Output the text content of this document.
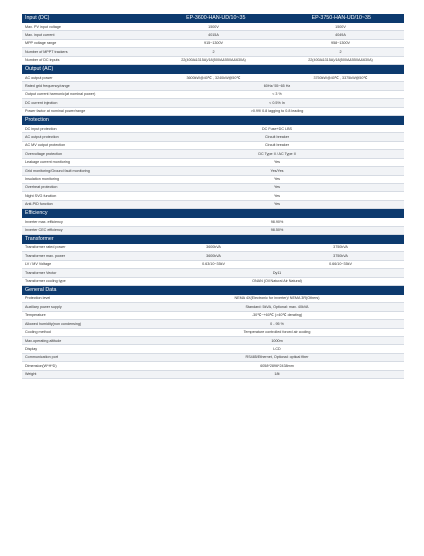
Input (DC)	EP-3600-HAN-UD/10~35	EP-3750-HAN-UD/10~35
Max. PV input voltage	1500V	1500V
Max. input current	4015A	4049A
MPP voltage range	915~1300V	958~1300V
Number of MPPT trackers	2	2
Number of DC inputs	22(400A&315A)/18(500A&550A&630A)	22(400A&315A)/18(500A&550A&630A)
Output (AC)
AC output power	3600kW@40℃ , 3240kW@50℃	3750kW@40℃ , 3375kW@50℃
Rated grid frequency/range	60Hz/ 55~65 Hz
Output current harmonic(at nominal power)	< 3 %
DC current injection	< 0.5% In
Power factor at nominal power/range	>0.99/ 0.8 lagging to 0.8 leading
Protection
DC input protection	DC Fuse+DC LBS
AC output protection	Circuit breaker
AC MV output protection	Circuit breaker
Overvoltage protection	DC Type II / AC Type II
Leakage current monitoring	Yes
Grid monitoring/Ground fault monitoring	Yes/Yes
Insulation monitoring	Yes
Overheat protection	Yes
Night SVG function	Yes
Anti-PID function	Yes
Efficiency
Inverter max. efficiency	98.90%
Inverter CEC efficiency	98.50%
Transformer
Transformer rated power	3600kVA	3750kVA
Transformer max. power	3600kVA	3750kVA
LV / MV Voltage	0.63/10~35kV	0.66/10~35kV
Transformer Vector	Dy11
Transformer cooling type	ONAN (Oil Natural Air Natural)
General Data
Protection level	NEMA 4X(Electronic for inverter)/ NEMA 3R(Others)
Auxiliary power supply	Standard: 5kVA, Optional: max. 40kVA
Temperature	-30℃~+60℃ (>40℃ derating)
Allowed humidity(non condensing)	0 - 95 %
Cooling method	Temperature controlled forced air cooling
Max.operating altitude	1000m
Display	LCD
Communication port	RS485/Ethernet, Optional: optical fiber
Dimension(W*H*D)	6058*2896*2438mm
Weight	18t
